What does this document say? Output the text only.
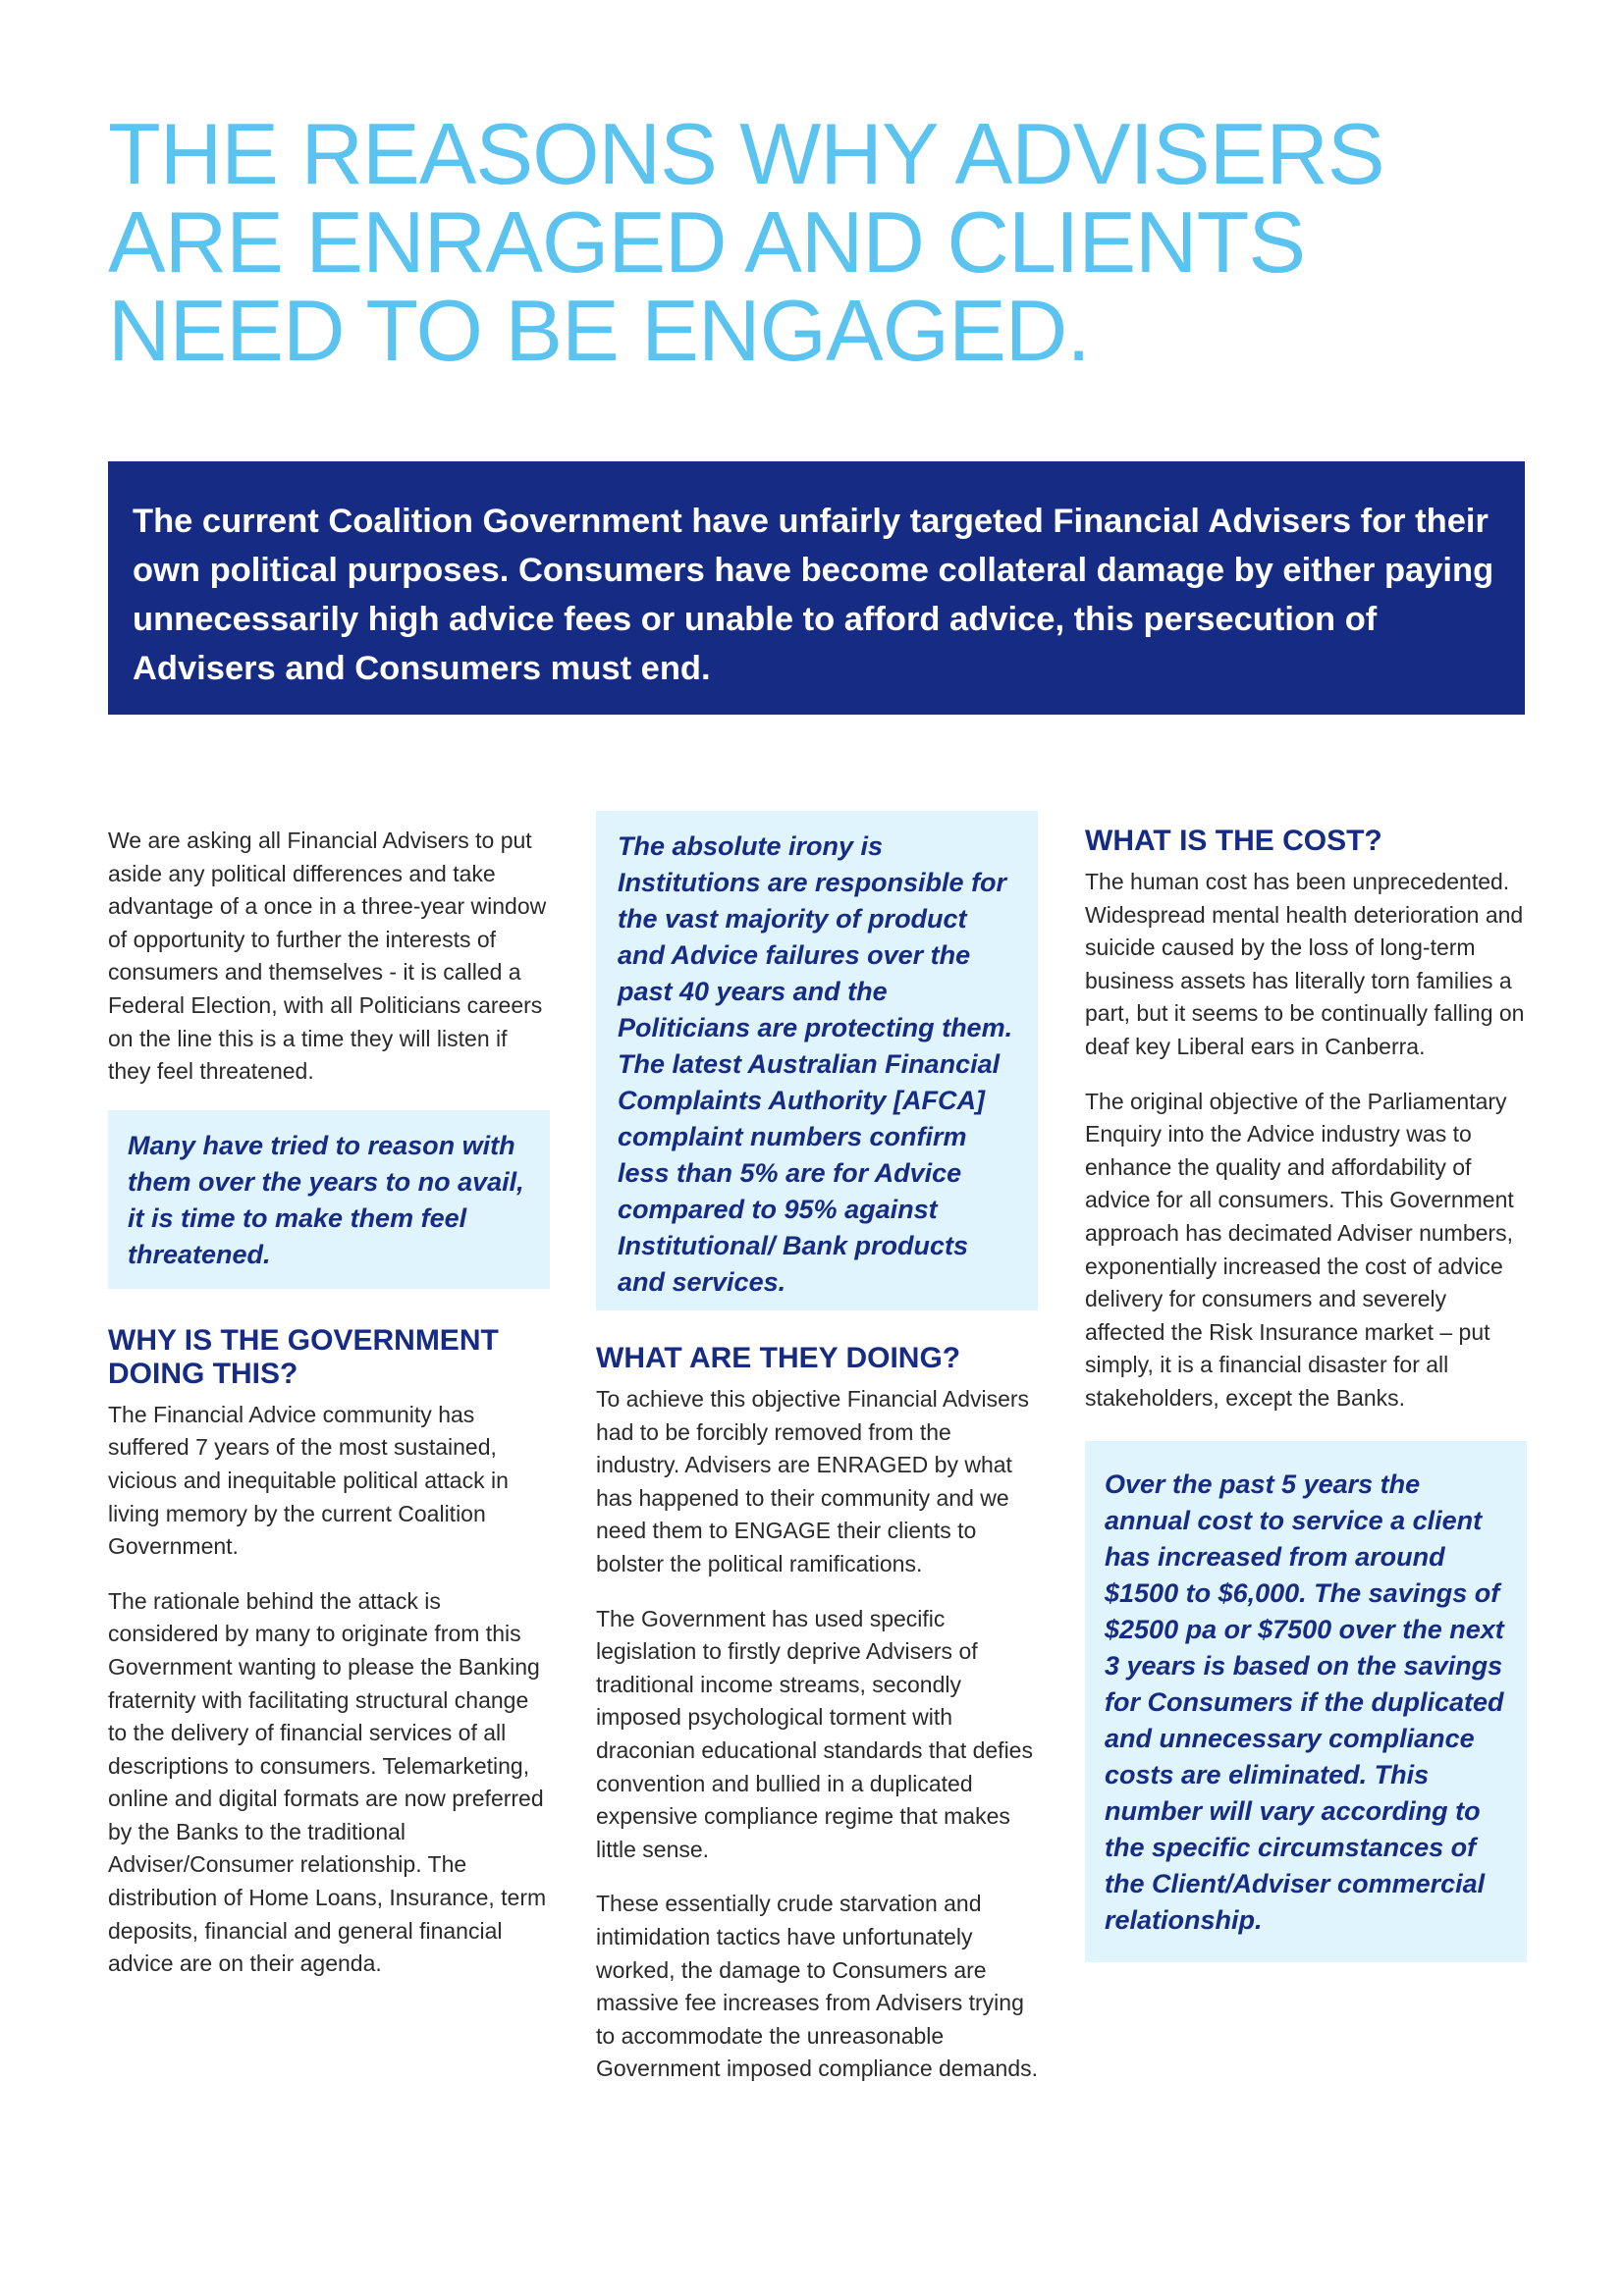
THE REASONS WHY ADVISERS
ARE ENRAGED AND CLIENTS
NEED TO BE ENGAGED.
The current Coalition Government have unfairly targeted Financial Advisers for their own political purposes. Consumers have become collateral damage by either paying unnecessarily high advice fees or unable to afford advice, this persecution of Advisers and Consumers must end.

We are asking all Financial Advisers to put aside any political differences and take advantage of a once in a three-year window of opportunity to further the interests of consumers and themselves - it is called a Federal Election, with all Politicians careers on the line this is a time they will listen if they feel threatened.

Many have tried to reason with them over the years to no avail, it is time to make them feel threatened.
WHY IS THE GOVERNMENT DOING THIS?

The Financial Advice community has suffered 7 years of the most sustained, vicious and inequitable political attack in living memory by the current Coalition Government.

The rationale behind the attack is considered by many to originate from this Government wanting to please the Banking fraternity with facilitating structural change to the delivery of financial services of all descriptions to consumers. Telemarketing, online and digital formats are now preferred by the Banks to the traditional Adviser/Consumer relationship. The distribution of Home Loans, Insurance, term deposits, financial and general financial advice are on their agenda.

The absolute irony is Institutions are responsible for the vast majority of product and Advice failures over the past 40 years and the Politicians are protecting them. The latest Australian Financial Complaints Authority [AFCA] complaint numbers confirm less than 5% are for Advice compared to 95% against Institutional/ Bank products and services.
WHAT ARE THEY DOING?

To achieve this objective Financial Advisers had to be forcibly removed from the industry. Advisers are ENRAGED by what has happened to their community and we need them to ENGAGE their clients to bolster the political ramifications.

The Government has used specific legislation to firstly deprive Advisers of traditional income streams, secondly imposed psychological torment with draconian educational standards that defies convention and bullied in a duplicated expensive compliance regime that makes little sense.

These essentially crude starvation and intimidation tactics have unfortunately worked, the damage to Consumers are massive fee increases from Advisers trying to accommodate the unreasonable Government imposed compliance demands.

WHAT IS THE COST?

The human cost has been unprecedented. Widespread mental health deterioration and suicide caused by the loss of long-term business assets has literally torn families a part, but it seems to be continually falling on deaf key Liberal ears in Canberra.

The original objective of the Parliamentary Enquiry into the Advice industry was to enhance the quality and affordability of advice for all consumers. This Government approach has decimated Adviser numbers, exponentially increased the cost of advice delivery for consumers and severely affected the Risk Insurance market – put simply, it is a financial disaster for all stakeholders, except the Banks.

Over the past 5 years the annual cost to service a client has increased from around $1500 to $6,000. The savings of $2500 pa or $7500 over the next 3 years is based on the savings for Consumers if the duplicated and unnecessary compliance costs are eliminated. This number will vary according to the specific circumstances of the Client/Adviser commercial relationship.
